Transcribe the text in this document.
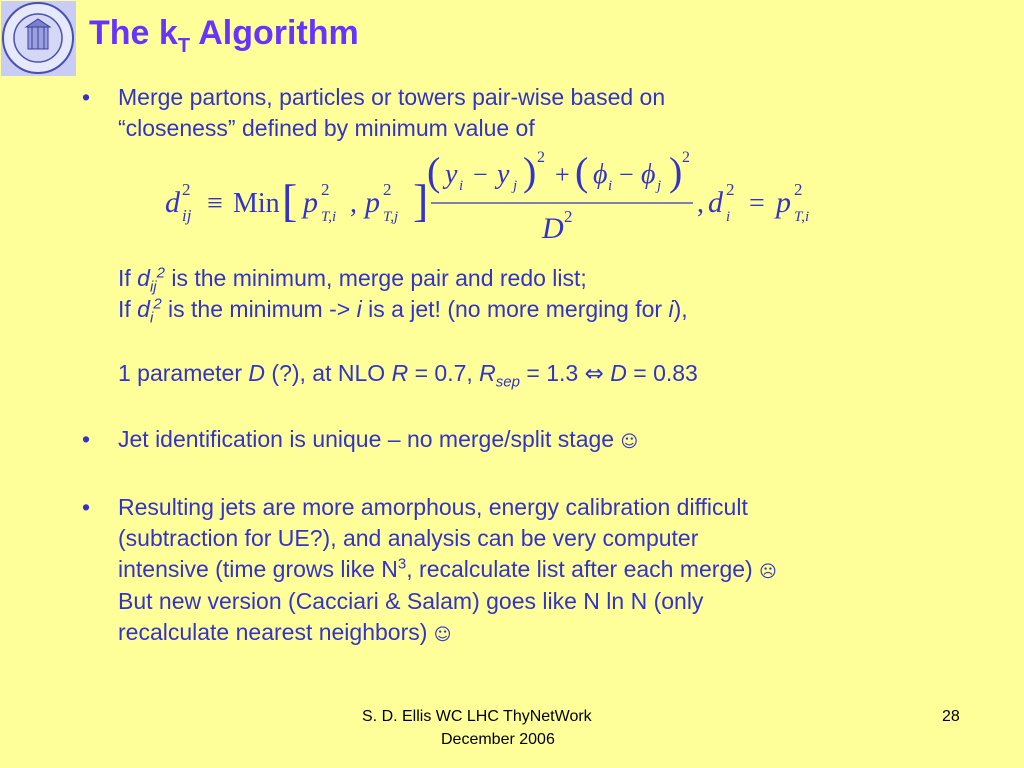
The $k_T$ Algorithm
• Merge partons, particles or towers pair-wise based on
“closeness” defined by minimum value of
d 2
ij ≡ Min [ p 2
T,i , p 2
T,j ]
( y i − y j ) 2
+ ( ϕ i − ϕ j ) 2
D 2	, d 2
i = p 2
T,i
If $d_{ij}^2$ is the minimum, merge pair and redo list;
If $d_i^2$ is the minimum -> i is a jet! (no more merging for i),
1 parameter D (?), at NLO R = 0.7, $R_{sep} = 1.3$ ⇔ D = 0.83
• Jet identification is unique – no merge/split stage ☺
• Resulting jets are more amorphous, energy calibration difficult
(subtraction for UE?), and analysis can be very computer
intensive (time grows like $N^3$, recalculate list after each merge) ☹
But new version (Cacciari & Salam) goes like N ln N (only
recalculate nearest neighbors) ☺
S. D. Ellis WC LHC ThyNetWork
December 2006
28
